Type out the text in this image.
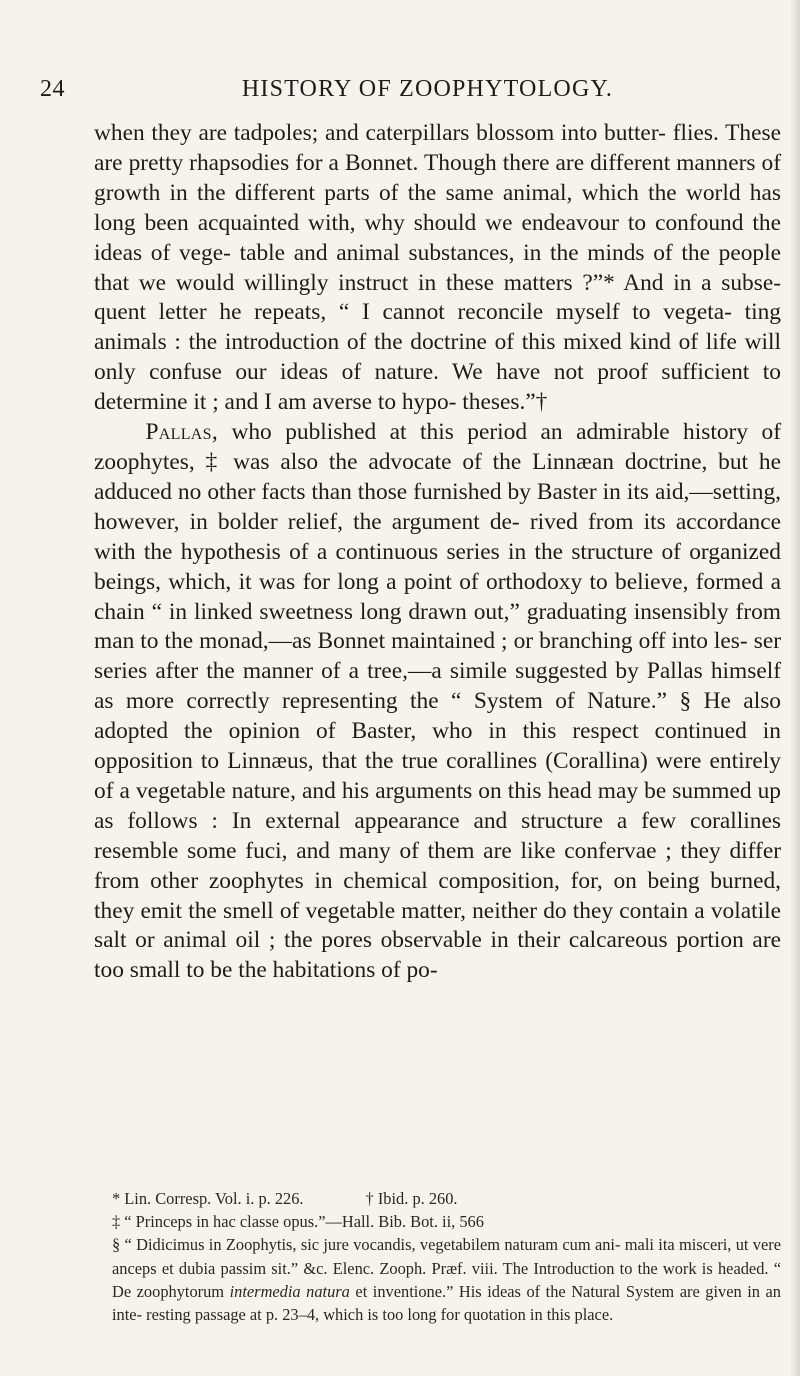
24	HISTORY OF ZOOPHYTOLOGY.

when they are tadpoles; and caterpillars blossom into butter- flies. These are pretty rhapsodies for a Bonnet. Though there are different manners of growth in the different parts of the same animal, which the world has long been acquainted with, why should we endeavour to confound the ideas of vege- table and animal substances, in the minds of the people that we would willingly instruct in these matters ?”* And in a subse- quent letter he repeats, “ I cannot reconcile myself to vegeta- ting animals : the introduction of the doctrine of this mixed kind of life will only confuse our ideas of nature. We have not proof sufficient to determine it ; and I am averse to hypo- theses.”†

Pallas, who published at this period an admirable history of zoophytes, ‡ was also the advocate of the Linnæan doctrine, but he adduced no other facts than those furnished by Baster in its aid,—setting, however, in bolder relief, the argument de- rived from its accordance with the hypothesis of a continuous series in the structure of organized beings, which, it was for long a point of orthodoxy to believe, formed a chain “ in linked sweetness long drawn out,” graduating insensibly from man to the monad,—as Bonnet maintained ; or branching off into les- ser series after the manner of a tree,—a simile suggested by Pallas himself as more correctly representing the “ System of Nature.” § He also adopted the opinion of Baster, who in this respect continued in opposition to Linnæus, that the true corallines (Corallina) were entirely of a vegetable nature, and his arguments on this head may be summed up as follows : In external appearance and structure a few corallines resemble some fuci, and many of them are like confervae ; they differ from other zoophytes in chemical composition, for, on being burned, they emit the smell of vegetable matter, neither do they contain a volatile salt or animal oil ; the pores observable in their calcareous portion are too small to be the habitations of po-

* Lin. Corresp. Vol. i. p. 226.	† Ibid. p. 260.

‡ “ Princeps in hac classe opus.”—Hall. Bib. Bot. ii, 566

§ “ Didicimus in Zoophytis, sic jure vocandis, vegetabilem naturam cum ani- mali ita misceri, ut vere anceps et dubia passim sit.” &c. Elenc. Zooph. Præf. viii. The Introduction to the work is headed. “ De zoophytorum intermedia natura et inventione.” His ideas of the Natural System are given in an inte- resting passage at p. 23–4, which is too long for quotation in this place.
